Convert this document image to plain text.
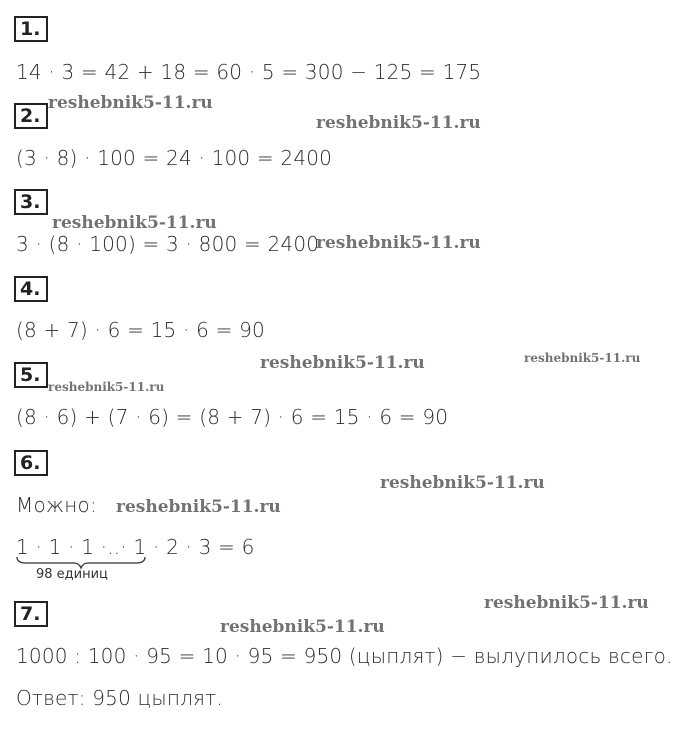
1.
14 · 3 = 42 + 18 = 60 · 5 = 300 − 125 = 175
2.
(3 · 8) · 100 = 24 · 100 = 2400
3.
3 · (8 · 100) = 3 · 800 = 2400
4.
(8 + 7) · 6 = 15 · 6 = 90
5.
(8 · 6) + (7 · 6) = (8 + 7) · 6 = 15 · 6 = 90
6.
Можно:
1 · 1 · 1 ·..· 1 · 2 · 3 = 6
98 единиц
7.
1000 : 100 · 95 = 10 · 95 = 950 (цыплят) − вылупилось всего.
Ответ: 950 цыплят.
reshebnik5-11.ru
reshebnik5-11.ru
reshebnik5-11.ru
reshebnik5-11.ru
reshebnik5-11.ru	reshebnik5-11.ru
reshebnik5-11.ru
reshebnik5-11.ru
reshebnik5-11.ru
reshebnik5-11.ru
reshebnik5-11.ru
